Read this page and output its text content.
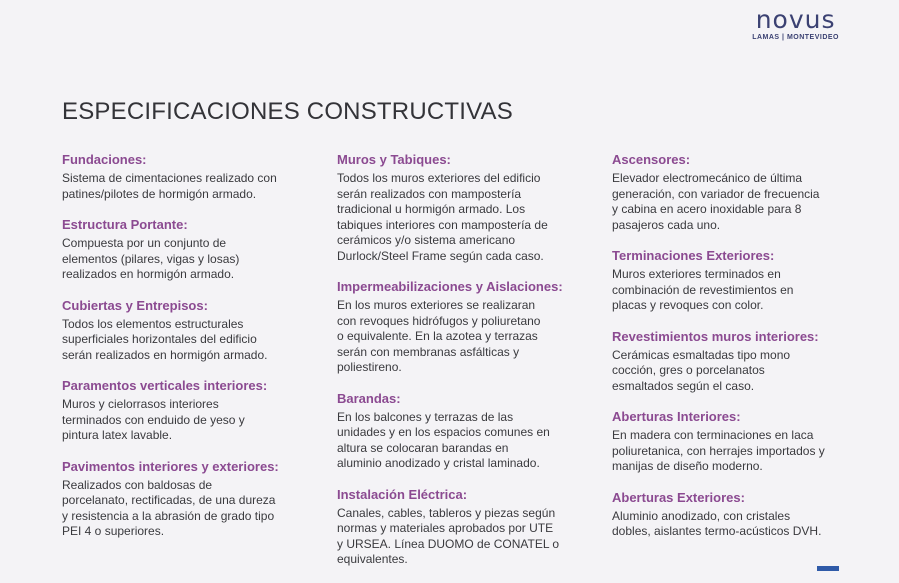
novus
LAMAS | MONTEVIDEO
ESPECIFICACIONES CONSTRUCTIVAS
Fundaciones:
Sistema de cimentaciones realizado con
patines/pilotes de hormigón armado.
Estructura Portante:
Compuesta por un conjunto de
elementos (pilares, vigas y losas)
realizados en hormigón armado.
Cubiertas y Entrepisos:
Todos los elementos estructurales
superficiales horizontales del edificio
serán realizados en hormigón armado.
Paramentos verticales interiores:
Muros y cielorrasos interiores
terminados con enduido de yeso y
pintura latex lavable.
Pavimentos interiores y exteriores:
Realizados con baldosas de
porcelanato, rectificadas, de una dureza
y resistencia a la abrasión de grado tipo
PEI 4 o superiores.
Muros y Tabiques:
Todos los muros exteriores del edificio
serán realizados con mampostería
tradicional u hormigón armado. Los
tabiques interiores con mampostería de
cerámicos y/o sistema americano
Durlock/Steel Frame según cada caso.
Impermeabilizaciones y Aislaciones:
En los muros exteriores se realizaran
con revoques hidrófugos y poliuretano
o equivalente. En la azotea y terrazas
serán con membranas asfálticas y
poliestireno.
Barandas:
En los balcones y terrazas de las
unidades y en los espacios comunes en
altura se colocaran barandas en
aluminio anodizado y cristal laminado.
Instalación Eléctrica:
Canales, cables, tableros y piezas según
normas y materiales aprobados por UTE
y URSEA. Línea DUOMO de CONATEL o
equivalentes.
Ascensores:
Elevador electromecánico de última
generación, con variador de frecuencia
y cabina en acero inoxidable para 8
pasajeros cada uno.
Terminaciones Exteriores:
Muros exteriores terminados en
combinación de revestimientos en
placas y revoques con color.
Revestimientos muros interiores:
Cerámicas esmaltadas tipo mono
cocción, gres o porcelanatos
esmaltados según el caso.
Aberturas Interiores:
En madera con terminaciones en laca
poliuretanica, con herrajes importados y
manijas de diseño moderno.
Aberturas Exteriores:
Aluminio anodizado, con cristales
dobles, aislantes termo-acústicos DVH.
